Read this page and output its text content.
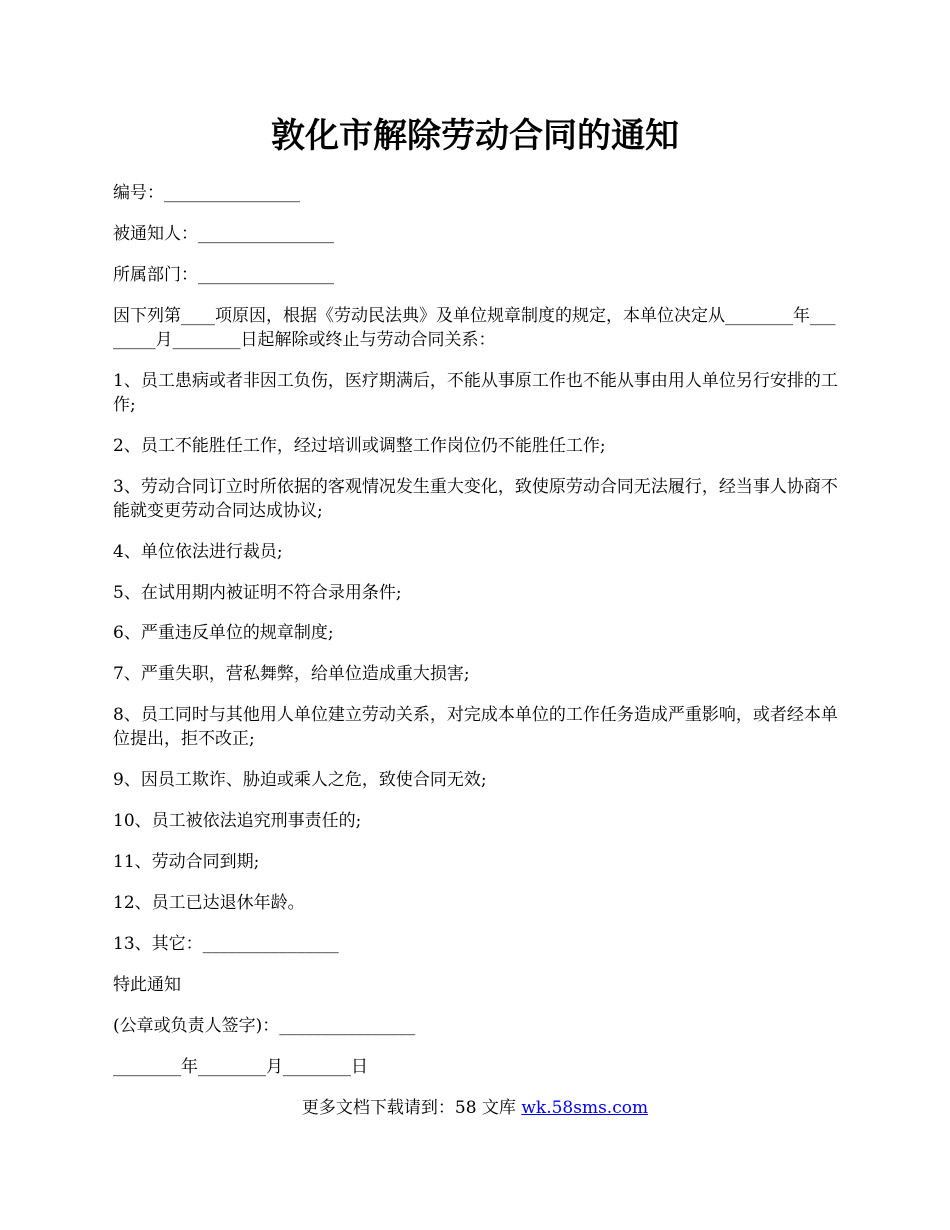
敦化市解除劳动合同的通知

编号：________________

被通知人：________________

所属部门：________________

因下列第____项原因，根据《劳动民法典》及单位规章制度的规定，本单位决定从________年________月________日起解除或终止与劳动合同关系：

1、员工患病或者非因工负伤，医疗期满后，不能从事原工作也不能从事由用人单位另行安排的工作;

2、员工不能胜任工作，经过培训或调整工作岗位仍不能胜任工作;

3、劳动合同订立时所依据的客观情况发生重大变化，致使原劳动合同无法履行，经当事人协商不能就变更劳动合同达成协议;

4、单位依法进行裁员;

5、在试用期内被证明不符合录用条件;

6、严重违反单位的规章制度;

7、严重失职，营私舞弊，给单位造成重大损害;

8、员工同时与其他用人单位建立劳动关系，对完成本单位的工作任务造成严重影响，或者经本单位提出，拒不改正;

9、因员工欺诈、胁迫或乘人之危，致使合同无效;

10、员工被依法追究刑事责任的;

11、劳动合同到期;

12、员工已达退休年龄。

13、其它：________________

特此通知

(公章或负责人签字)：________________

________年________月________日

更多文档下载请到：58 文库 wk.58sms.com
